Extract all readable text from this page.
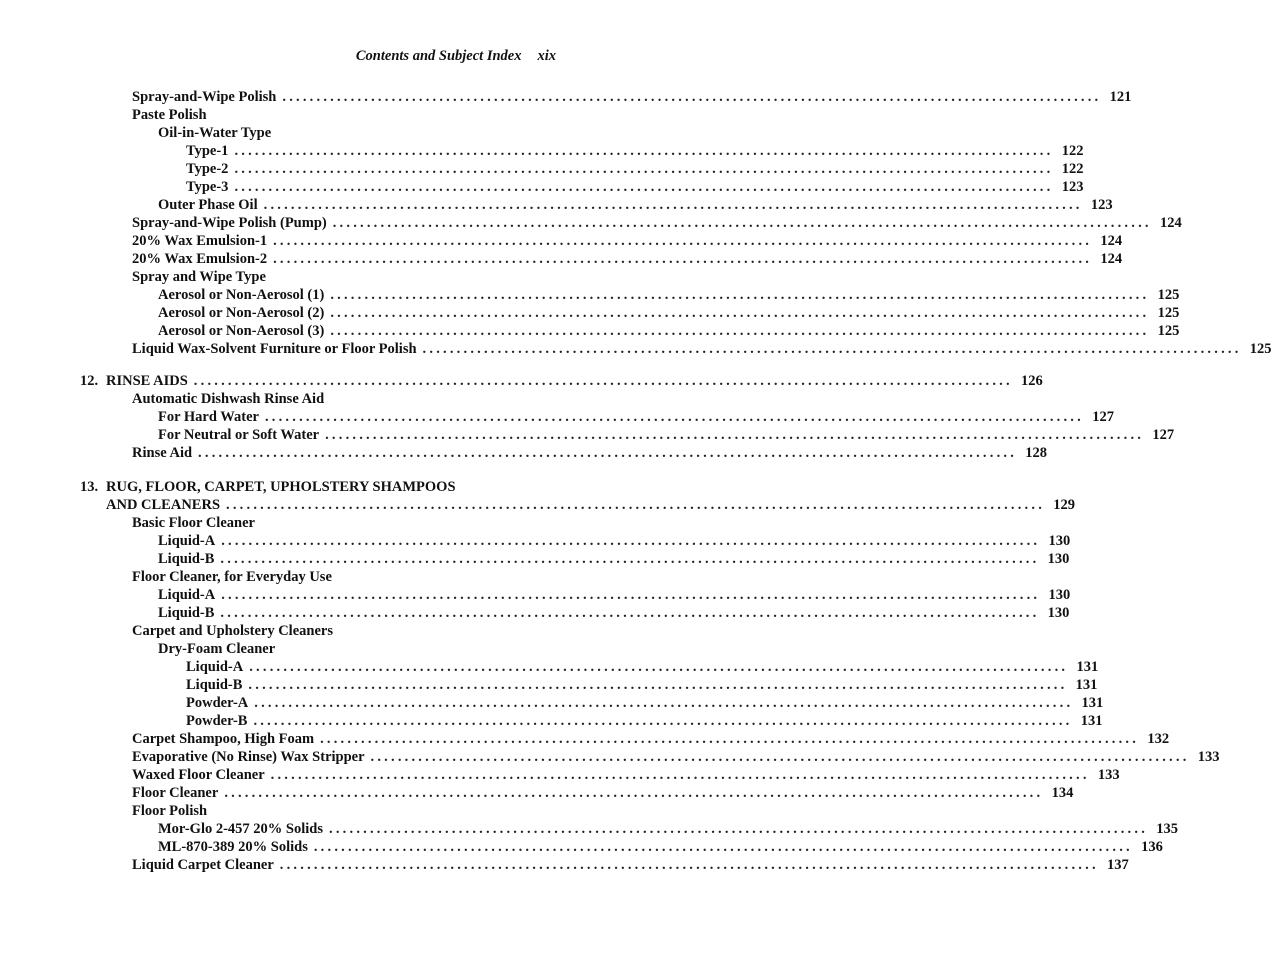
Contents and Subject Index xix
Spray-and-Wipe Polish ........................................................................................................................ 121
Paste Polish
Oil-in-Water Type
Type-1 ........................................................................................................................ 122
Type-2 ........................................................................................................................ 122
Type-3 ........................................................................................................................ 123
Outer Phase Oil ........................................................................................................................ 123
Spray-and-Wipe Polish (Pump) ........................................................................................................................ 124
20% Wax Emulsion-1 ........................................................................................................................ 124
20% Wax Emulsion-2 ........................................................................................................................ 124
Spray and Wipe Type
Aerosol or Non-Aerosol (1) ........................................................................................................................ 125
Aerosol or Non-Aerosol (2) ........................................................................................................................ 125
Aerosol or Non-Aerosol (3) ........................................................................................................................ 125
Liquid Wax-Solvent Furniture or Floor Polish ........................................................................................................................ 125
12. RINSE AIDS ........................................................................................................................ 126
Automatic Dishwash Rinse Aid
For Hard Water ........................................................................................................................ 127
For Neutral or Soft Water ........................................................................................................................ 127
Rinse Aid ........................................................................................................................ 128
13. RUG, FLOOR, CARPET, UPHOLSTERY SHAMPOOS
AND CLEANERS ........................................................................................................................ 129
Basic Floor Cleaner
Liquid-A ........................................................................................................................ 130
Liquid-B ........................................................................................................................ 130
Floor Cleaner, for Everyday Use
Liquid-A ........................................................................................................................ 130
Liquid-B ........................................................................................................................ 130
Carpet and Upholstery Cleaners
Dry-Foam Cleaner
Liquid-A ........................................................................................................................ 131
Liquid-B ........................................................................................................................ 131
Powder-A ........................................................................................................................ 131
Powder-B ........................................................................................................................ 131
Carpet Shampoo, High Foam ........................................................................................................................ 132
Evaporative (No Rinse) Wax Stripper ........................................................................................................................ 133
Waxed Floor Cleaner ........................................................................................................................ 133
Floor Cleaner ........................................................................................................................ 134
Floor Polish
Mor-Glo 2-457 20% Solids ........................................................................................................................ 135
ML-870-389 20% Solids ........................................................................................................................ 136
Liquid Carpet Cleaner ........................................................................................................................ 137
